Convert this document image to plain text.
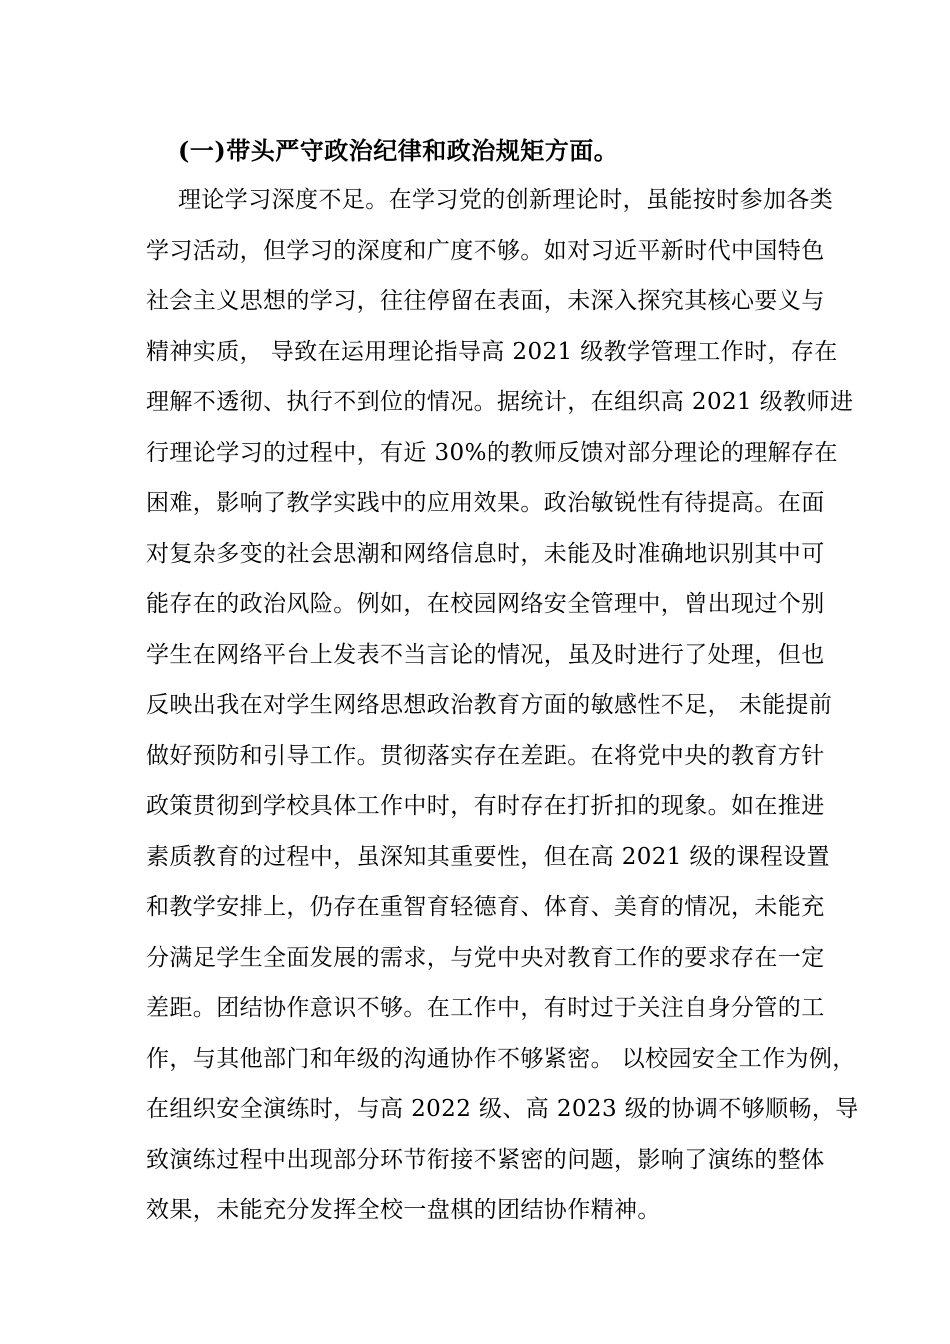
(一)带头严守政治纪律和政治规矩方面。
理论学习深度不足。在学习党的创新理论时，虽能按时参加各类
学习活动，但学习的深度和广度不够。如对习近平新时代中国特色
社会主义思想的学习，往往停留在表面，未深入探究其核心要义与
精神实质， 导致在运用理论指导高 2021 级教学管理工作时，存在
理解不透彻、执行不到位的情况。据统计，在组织高 2021 级教师进
行理论学习的过程中，有近 30%的教师反馈对部分理论的理解存在
困难，影响了教学实践中的应用效果。政治敏锐性有待提高。在面
对复杂多变的社会思潮和网络信息时，未能及时准确地识别其中可
能存在的政治风险。例如，在校园网络安全管理中，曾出现过个别
学生在网络平台上发表不当言论的情况，虽及时进行了处理，但也
反映出我在对学生网络思想政治教育方面的敏感性不足， 未能提前
做好预防和引导工作。贯彻落实存在差距。在将党中央的教育方针
政策贯彻到学校具体工作中时，有时存在打折扣的现象。如在推进
素质教育的过程中，虽深知其重要性，但在高 2021 级的课程设置
和教学安排上，仍存在重智育轻德育、体育、美育的情况，未能充
分满足学生全面发展的需求，与党中央对教育工作的要求存在一定
差距。团结协作意识不够。在工作中，有时过于关注自身分管的工
作，与其他部门和年级的沟通协作不够紧密。 以校园安全工作为例，
在组织安全演练时，与高 2022 级、高 2023 级的协调不够顺畅，导
致演练过程中出现部分环节衔接不紧密的问题，影响了演练的整体
效果，未能充分发挥全校一盘棋的团结协作精神。
